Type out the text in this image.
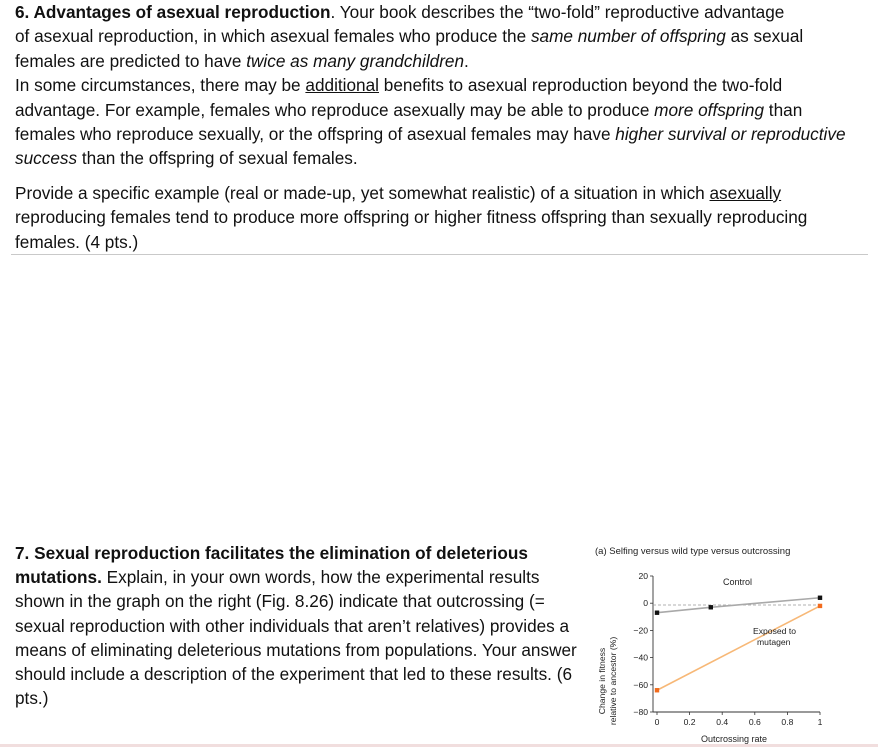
6. Advantages of asexual reproduction. Your book describes the “two-fold” reproductive advantage
of asexual reproduction, in which asexual females who produce the same number of offspring as sexual
females are predicted to have twice as many grandchildren.

In some circumstances, there may be additional benefits to asexual reproduction beyond the two-fold advantage. For example, females who reproduce asexually may be able to produce more offspring than females who reproduce sexually, or the offspring of asexual females may have higher survival or reproductive success than the offspring of sexual females.

Provide a specific example (real or made-up, yet somewhat realistic) of a situation in which asexually reproducing females tend to produce more offspring or higher fitness offspring than sexually reproducing females. (4 pts.)

7. Sexual reproduction facilitates the elimination of deleterious mutations. Explain, in your own words, how the experimental results shown in the graph on the right (Fig. 8.26) indicate that outcrossing (= sexual reproduction with other individuals that aren’t relatives) provides a means of eliminating deleterious mutations from populations. Your answer should include a description of the experiment that led to these results. (6 pts.)

(a) Selfing versus wild type versus outcrossing
Change in fitness relative to ancestor (%)
Outcrossing rate
20
0
−20
−40
−60
−80
0	0.2 0.4 0.6 0.8	1
Control
Exposed to
mutagen
